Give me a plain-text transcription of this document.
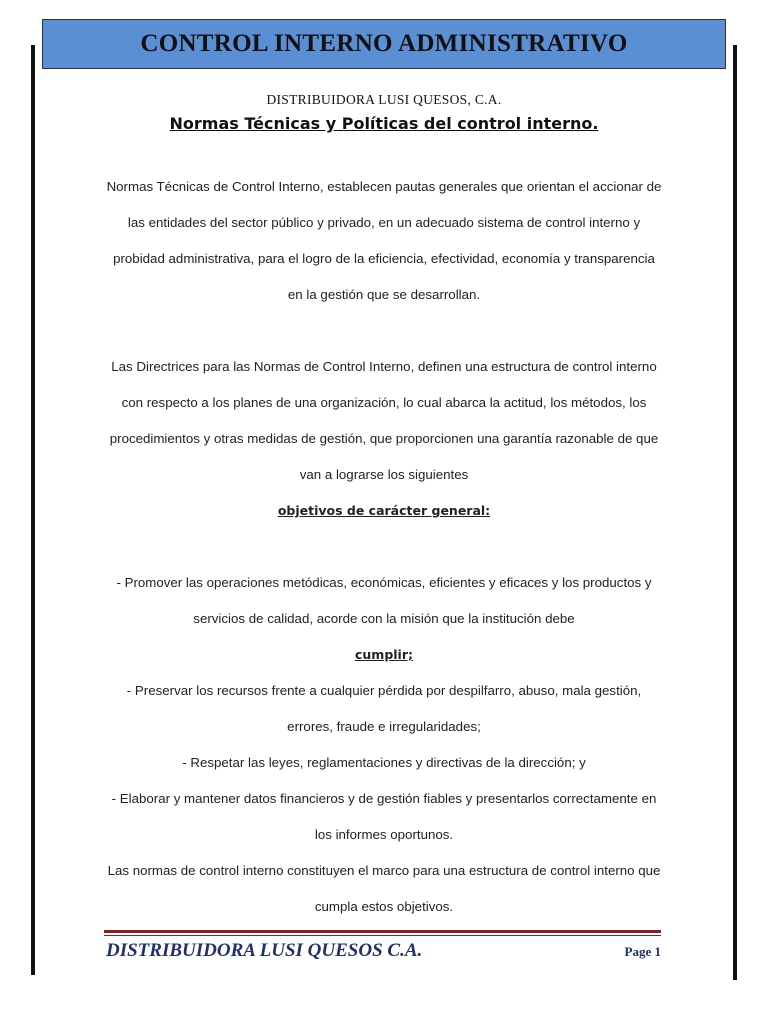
CONTROL INTERNO ADMINISTRATIVO
DISTRIBUIDORA LUSI QUESOS, C.A.
Normas Técnicas y Políticas del control interno.

Normas Técnicas de Control Interno, establecen pautas generales que orientan el accionar de las entidades del sector público y privado, en un adecuado sistema de control interno y probidad administrativa, para el logro de la eficiencia, efectividad, economía y transparencia en la gestión que se desarrollan.

Las Directrices para las Normas de Control Interno, definen una estructura de control interno con respecto a los planes de una organización, lo cual abarca la actitud, los métodos, los procedimientos y otras medidas de gestión, que proporcionen una garantía razonable de que van a lograrse los siguientes

objetivos de carácter general:

- Promover las operaciones metódicas, económicas, eficientes y eficaces y los productos y servicios de calidad, acorde con la misión que la institución debe

cumplir;

- Preservar los recursos frente a cualquier pérdida por despilfarro, abuso, mala gestión, errores, fraude e irregularidades;

- Respetar las leyes, reglamentaciones y directivas de la dirección; y

- Elaborar y mantener datos financieros y de gestión fiables y presentarlos correctamente en los informes oportunos.

Las normas de control interno constituyen el marco para una estructura de control interno que cumpla estos objetivos.

DISTRIBUIDORA LUSI QUESOS C.A.	Page 1
